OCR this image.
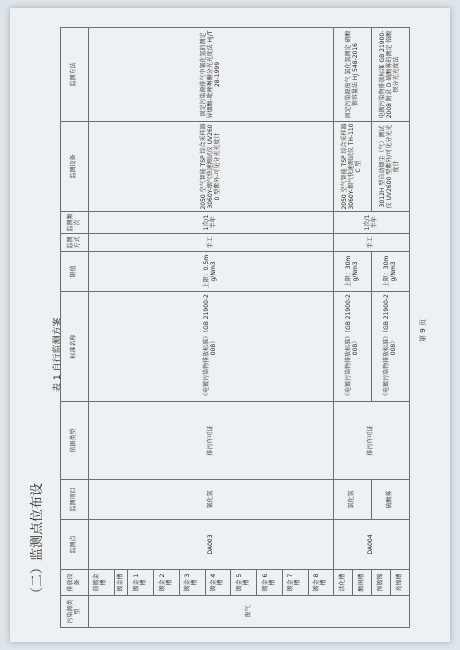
（二）监测点位布设
表 1 自行监测方案
污染源类型	排放设备	监测点	监测项目	依据类型	标准名称	限值	监测方式	监测频次	监测设备	监测方法
废气	前镀金槽	DA003	氰化氢	排污许可证	《电镀污染物排放标准》（GB 21900-2008）	上限：0.5mg/Nm3	手工	1次/1半年	2050 空气智能 TSP 综合采样器 3060Y-烟气快速测试仪 UV2600 型紫外-可见分光光度计	固定污染源排气中氰化氢的测定 异烟酸-吡唑啉酮分光光度法 HJ/T 28-1999
	镀金槽									
	镀金 1 槽									
	镀金 2 槽									
	镀金 3 槽									
	镀金 4 槽									
	镀金 5 槽									
	镀金 6 槽									
	镀金 7 槽									
	镀金 8 槽									
	活化槽	DA004	氯化氢	排污许可证	《电镀污染物排放标准》（GB 21900-2008）	上限：30mg/Nm3	手工	1次/1半年	2050 空气智能 TSP 综合采样器 3060Y-烟气快速测试仪 TH-110C 型	固定污染源废气 氯化氢测定 硝酸银容量法 HJ 548-2016
	酸铜槽									
	预镀镍		硫酸雾		《电镀污染物排放标准》（GB 21900-2008）	上限：30mg/Nm3			3012H 型自动烟尘（气）测试仪 UV2600 型紫外/可见分光光度计	电镀污染物排放标准 GB 21900-2008 附录 D 硫酸雾的测定 铬酸钡分光光度法
	亮镍槽									
第 9 页
